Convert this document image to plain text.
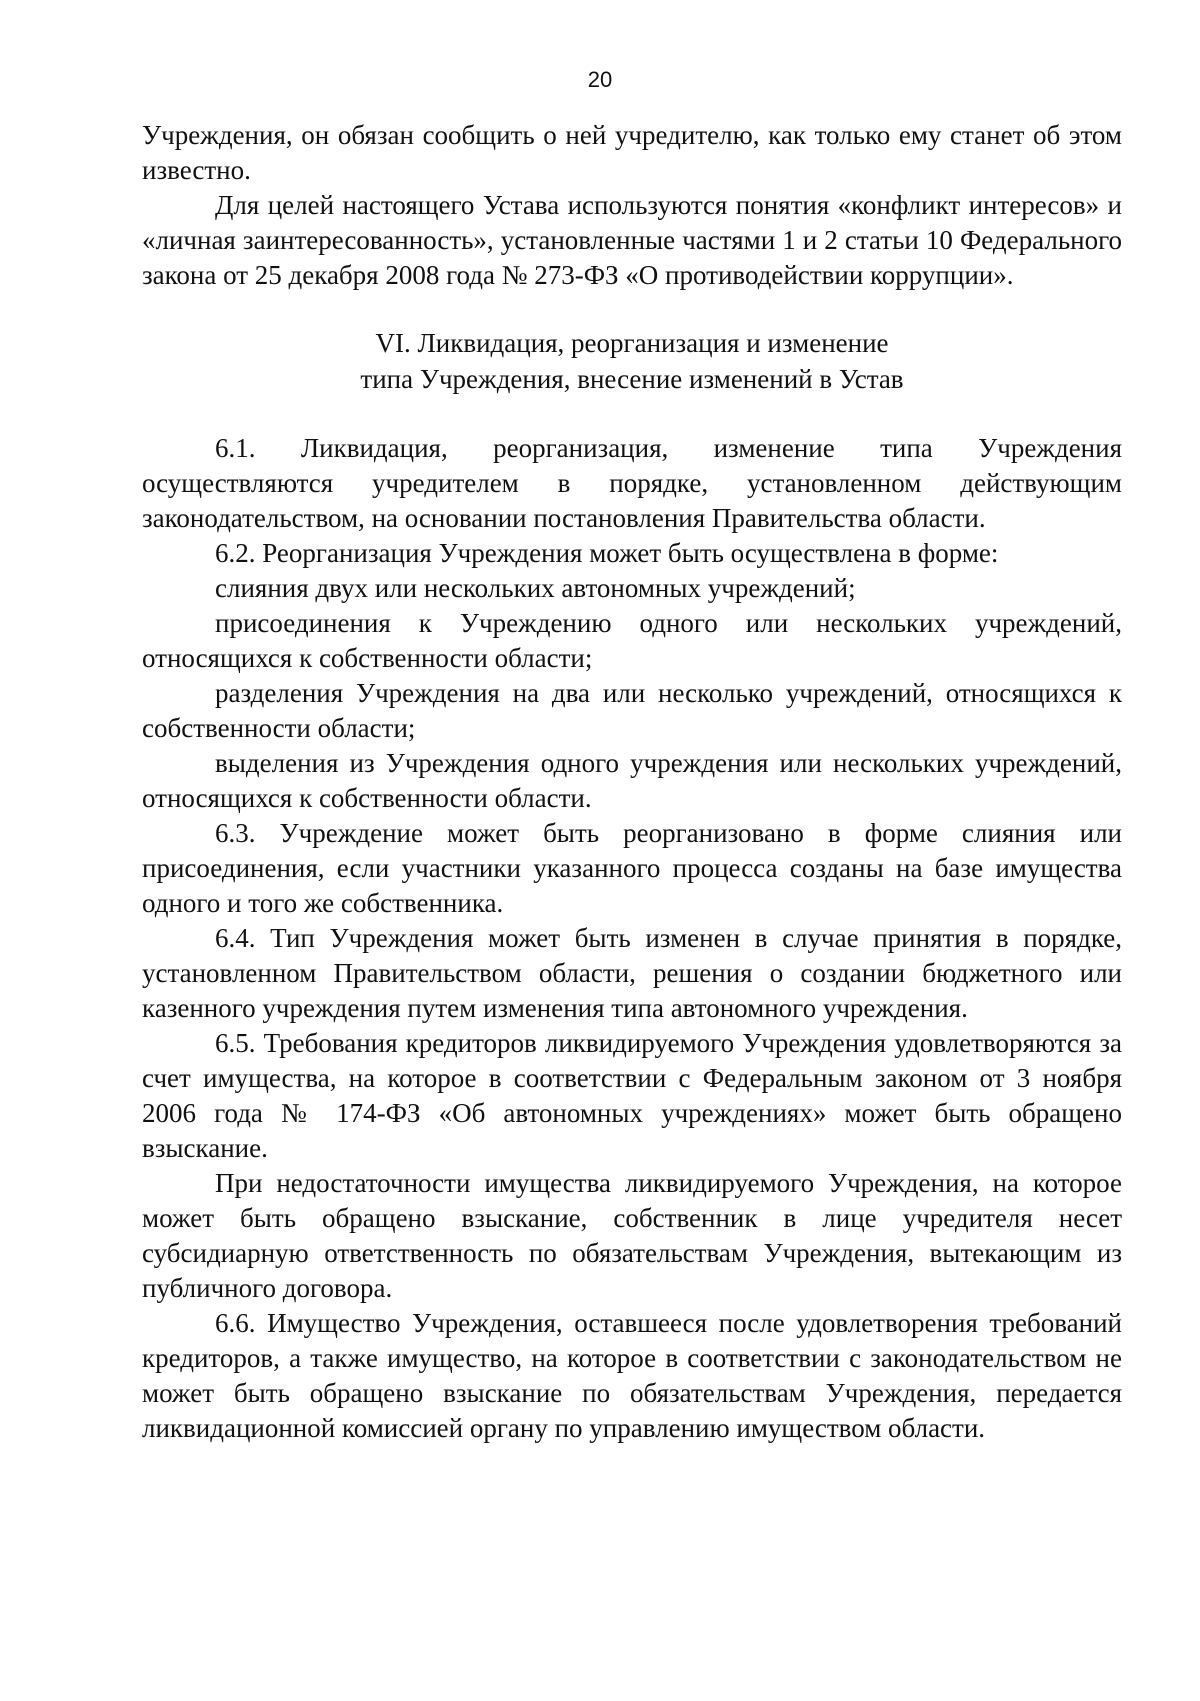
20

Учреждения, он обязан сообщить о ней учредителю, как только ему станет об этом известно.

Для целей настоящего Устава используются понятия «конфликт интересов» и «личная заинтересованность», установленные частями 1 и 2 статьи 10 Федерального закона от 25 декабря 2008 года № 273-ФЗ «О противодействии коррупции».

VI. Ликвидация, реорганизация и изменение
типа Учреждения, внесение изменений в Устав

6.1. Ликвидация, реорганизация, изменение типа Учреждения осуществляются учредителем в порядке, установленном действующим законодательством, на основании постановления Правительства области.

6.2. Реорганизация Учреждения может быть осуществлена в форме:

слияния двух или нескольких автономных учреждений;

присоединения к Учреждению одного или нескольких учреждений, относящихся к собственности области;

разделения Учреждения на два или несколько учреждений, относящихся к собственности области;

выделения из Учреждения одного учреждения или нескольких учреждений, относящихся к собственности области.

6.3. Учреждение может быть реорганизовано в форме слияния или присоединения, если участники указанного процесса созданы на базе имущества одного и того же собственника.

6.4. Тип Учреждения может быть изменен в случае принятия в порядке, установленном Правительством области, решения о создании бюджетного или казенного учреждения путем изменения типа автономного учреждения.

6.5. Требования кредиторов ликвидируемого Учреждения удовлетворяются за счет имущества, на которое в соответствии с Федеральным законом от 3 ноября 2006 года № 174-ФЗ «Об автономных учреждениях» может быть обращено взыскание.

При недостаточности имущества ликвидируемого Учреждения, на которое может быть обращено взыскание, собственник в лице учредителя несет субсидиарную ответственность по обязательствам Учреждения, вытекающим из публичного договора.

6.6. Имущество Учреждения, оставшееся после удовлетворения требований кредиторов, а также имущество, на которое в соответствии с законодательством не может быть обращено взыскание по обязательствам Учреждения, передается ликвидационной комиссией органу по управлению имуществом области.
